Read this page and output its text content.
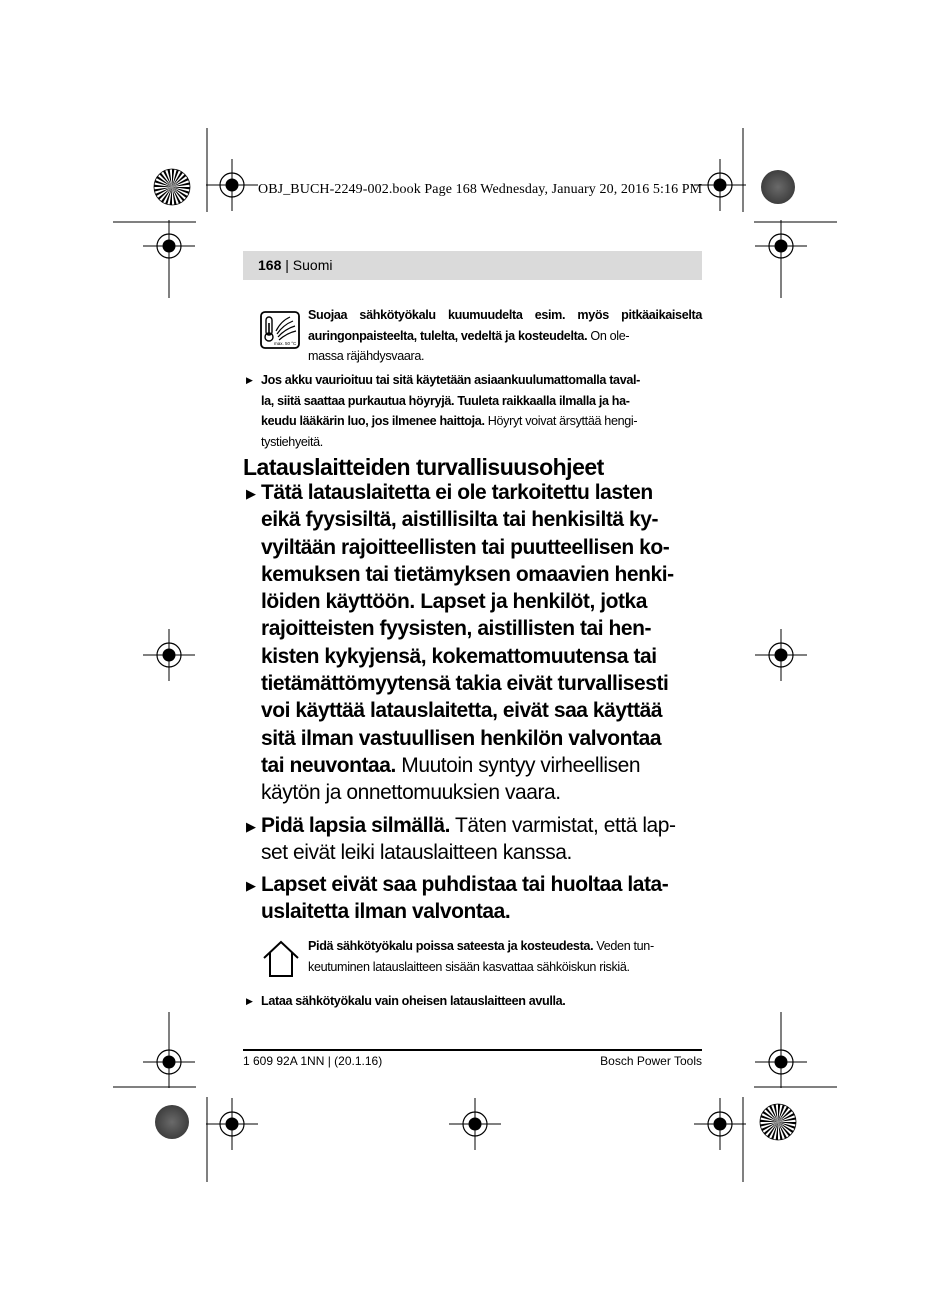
OBJ_BUCH-2249-002.book Page 168 Wednesday, January 20, 2016 5:16 PM
168 | Suomi
max. 50 °C
Suojaa sähkötyökalu kuumuudelta esim. myös pitkäaikaiselta
auringonpaisteelta, tulelta, vedeltä ja kosteudelta. On ole-
massa räjähdysvaara.
▶ Jos akku vaurioituu tai sitä käytetään asiaankuulumattomalla taval-
la, siitä saattaa purkautua höyryjä. Tuuleta raikkaalla ilmalla ja ha-
keudu lääkärin luo, jos ilmenee haittoja. Höyryt voivat ärsyttää hengi-
tystiehyeitä.
Latauslaitteiden turvallisuusohjeet
▶ Tätä latauslaitetta ei ole tarkoitettu lasten
eikä fyysisiltä, aistillisilta tai henkisiltä ky-
vyiltään rajoitteellisten tai puutteellisen ko-
kemuksen tai tietämyksen omaavien henki-
löiden käyttöön. Lapset ja henkilöt, jotka
rajoitteisten fyysisten, aistillisten tai hen-
kisten kykyjensä, kokemattomuutensa tai
tietämättömyytensä takia eivät turvallisesti
voi käyttää latauslaitetta, eivät saa käyttää
sitä ilman vastuullisen henkilön valvontaa
tai neuvontaa. Muutoin syntyy virheellisen
käytön ja onnettomuuksien vaara.
▶ Pidä lapsia silmällä. Täten varmistat, että lap-
set eivät leiki latauslaitteen kanssa.
▶ Lapset eivät saa puhdistaa tai huoltaa lata-
uslaitetta ilman valvontaa.
Pidä sähkötyökalu poissa sateesta ja kosteudesta. Veden tun-
keutuminen latauslaitteen sisään kasvattaa sähköiskun riskiä.
▶ Lataa sähkötyökalu vain oheisen latauslaitteen avulla.
1 609 92A 1NN | (20.1.16)	Bosch Power Tools
